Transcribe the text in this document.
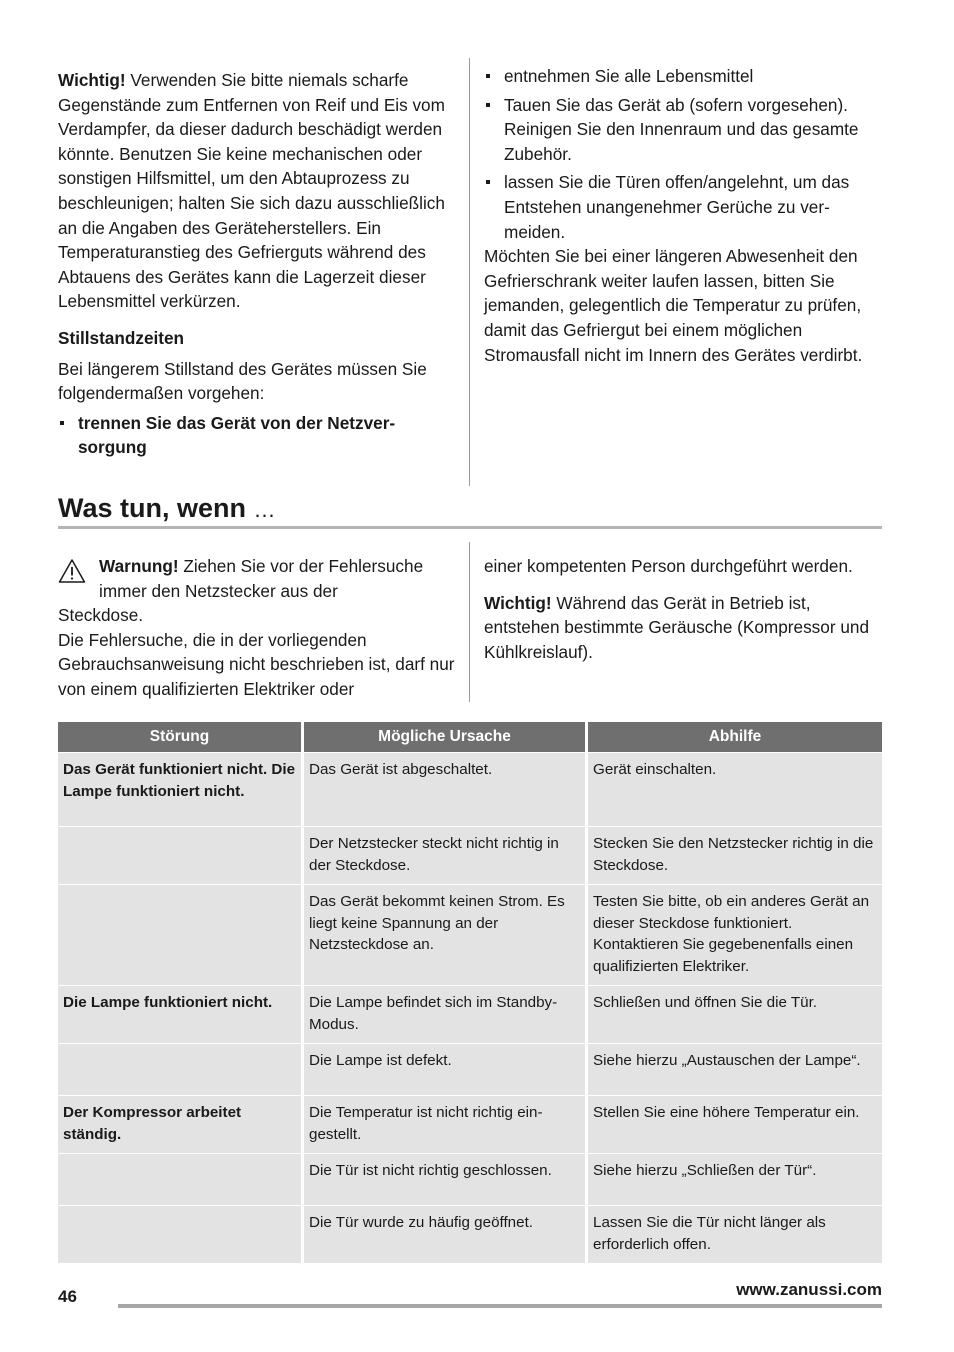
Wichtig! Verwenden Sie bitte niemals scharfe Gegenstände zum Entfernen von Reif und Eis vom Verdampfer, da dieser dadurch beschädigt werden könnte. Benutzen Sie keine mechanischen oder sonstigen Hilfsmittel, um den Abtauprozess zu beschleunigen; halten Sie sich dazu ausschließlich an die Angaben des Geräteherstellers. Ein Temperaturanstieg des Gefrierguts während des Abtauens des Gerätes kann die Lagerzeit dieser Lebensmittel verkürzen.

Stillstandzeiten

Bei längerem Stillstand des Gerätes müssen Sie folgendermaßen vorgehen:

trennen Sie das Gerät von der Netzversorgung
entnehmen Sie alle Lebensmittel
Tauen Sie das Gerät ab (sofern vorgesehen). Reinigen Sie den Innenraum und das gesamte Zubehör.
lassen Sie die Türen offen/angelehnt, um das Entstehen unangenehmer Gerüche zu vermeiden.

Möchten Sie bei einer längeren Abwesenheit den Gefrierschrank weiter laufen lassen, bitten Sie jemanden, gelegentlich die Temperatur zu prüfen, damit das Gefriergut bei einem möglichen Stromausfall nicht im Innern des Gerätes verdirbt.

Was tun, wenn …

Warnung! Ziehen Sie vor der Fehlersuche

immer den Netzstecker aus der

Steckdose.

Die Fehlersuche, die in der vorliegenden Gebrauchsanweisung nicht beschrieben ist, darf nur von einem qualifizierten Elektriker oder

einer kompetenten Person durchgeführt werden.

Wichtig! Während das Gerät in Betrieb ist, entstehen bestimmte Geräusche (Kompressor und Kühlkreislauf).

Störung	Mögliche Ursache	Abhilfe
Das Gerät funktioniert nicht. Die Lampe funktioniert nicht.	Das Gerät ist abgeschaltet.	Gerät einschalten.
	Der Netzstecker steckt nicht richtig in der Steckdose.	Stecken Sie den Netzstecker richtig in die Steckdose.
	Das Gerät bekommt keinen Strom. Es liegt keine Spannung an der Netzsteckdose an.	Testen Sie bitte, ob ein anderes Gerät an dieser Steckdose funktioniert. Kontaktieren Sie gegebenenfalls einen qualifizierten Elektriker.
Die Lampe funktioniert nicht.	Die Lampe befindet sich im Standby-Modus.	Schließen und öffnen Sie die Tür.
	Die Lampe ist defekt.	Siehe hierzu „Austauschen der Lampe“.
Der Kompressor arbeitet ständig.	Die Temperatur ist nicht richtig eingestellt.	Stellen Sie eine höhere Temperatur ein.
	Die Tür ist nicht richtig geschlossen.	Siehe hierzu „Schließen der Tür“.
	Die Tür wurde zu häufig geöffnet.	Lassen Sie die Tür nicht länger als erforderlich offen.
46	www.zanussi.com
